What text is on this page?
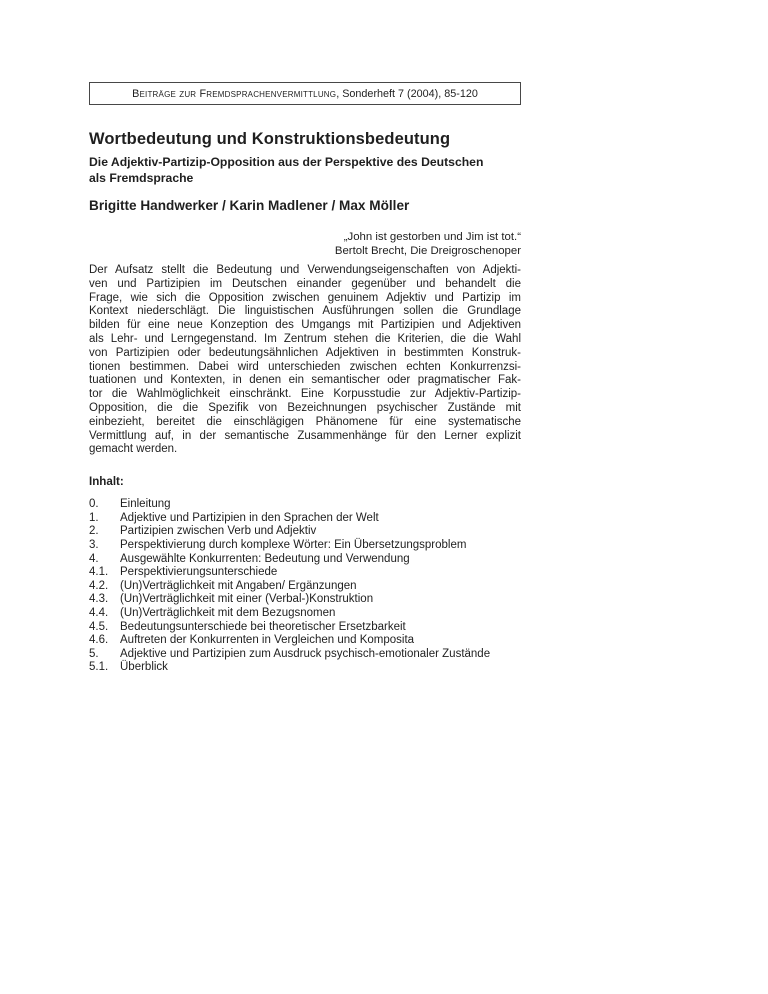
Beiträge zur Fremdsprachenvermittlung , Sonderheft 7 (2004), 85-120
Wortbedeutung und Konstruktionsbedeutung
Die Adjektiv-Partizip-Opposition aus der Perspektive des Deutschen
als Fremdsprache
Brigitte Handwerker / Karin Madlener / Max Möller
„John ist gestorben und Jim ist tot.“
Bertolt Brecht, Die Dreigroschenoper
Der Aufsatz stellt die Bedeutung und Verwendungseigenschaften von Adjekti-
ven und Partizipien im Deutschen einander gegenüber und behandelt die
Frage, wie sich die Opposition zwischen genuinem Adjektiv und Partizip im
Kontext niederschlägt. Die linguistischen Ausführungen sollen die Grundlage
bilden für eine neue Konzeption des Umgangs mit Partizipien und Adjektiven
als Lehr- und Lerngegenstand. Im Zentrum stehen die Kriterien, die die Wahl
von Partizipien oder bedeutungsähnlichen Adjektiven in bestimmten Konstruk-
tionen bestimmen. Dabei wird unterschieden zwischen echten Konkurrenzsi-
tuationen und Kontexten, in denen ein semantischer oder pragmatischer Fak-
tor die Wahlmöglichkeit einschränkt. Eine Korpusstudie zur Adjektiv-Partizip-
Opposition, die die Spezifik von Bezeichnungen psychischer Zustände mit
einbezieht, bereitet die einschlägigen Phänomene für eine systematische
Vermittlung auf, in der semantische Zusammenhänge für den Lerner explizit
gemacht werden.
Inhalt:
0.	Einleitung
1.	Adjektive und Partizipien in den Sprachen der Welt
2.	Partizipien zwischen Verb und Adjektiv
3.	Perspektivierung durch komplexe Wörter: Ein Übersetzungsproblem
4.	Ausgewählte Konkurrenten: Bedeutung und Verwendung
4.1.	Perspektivierungsunterschiede
4.2.	(Un)Verträglichkeit mit Angaben/ Ergänzungen
4.3.	(Un)Verträglichkeit mit einer (Verbal-)Konstruktion
4.4.	(Un)Verträglichkeit mit dem Bezugsnomen
4.5.	Bedeutungsunterschiede bei theoretischer Ersetzbarkeit
4.6.	Auftreten der Konkurrenten in Vergleichen und Komposita
5.	Adjektive und Partizipien zum Ausdruck psychisch-emotionaler Zustände
5.1.	Überblick
